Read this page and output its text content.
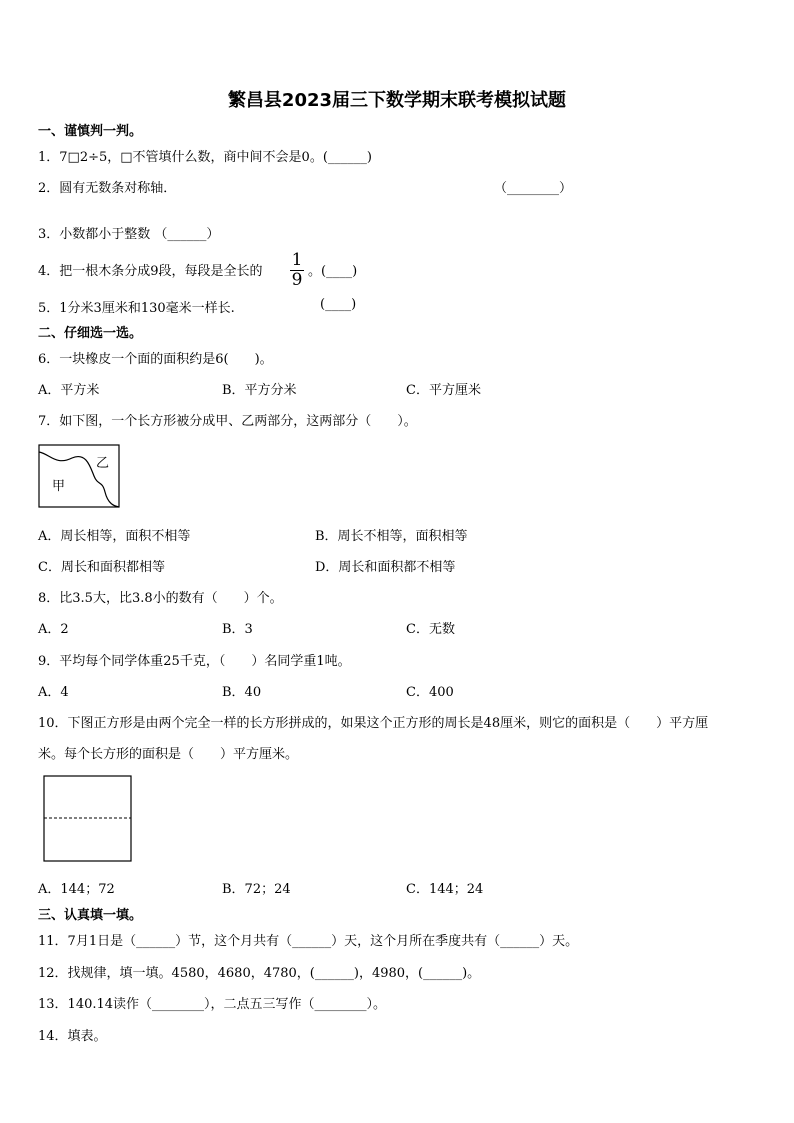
繁昌县2023届三下数学期末联考模拟试题
一、谨慎判一判。
1．7□2÷5，□不管填什么数，商中间不会是0。(______)
2．圆有无数条对称轴．	（________）
3．小数都小于整数 （______）
4．把一根木条分成9段，每段是全长的
1
9 。(____)
5．1分米3厘米和130毫米一样长.	(____)
二、仔细选一选。
6．一块橡皮一个面的面积约是6(　　)。
A．平方米	B．平方分米	C．平方厘米
7．如下图，一个长方形被分成甲、乙两部分，这两部分（　　）。
甲
乙
A．周长相等，面积不相等	B．周长不相等，面积相等
C．周长和面积都相等	D．周长和面积都不相等
8．比3.5大，比3.8小的数有（　　）个。
A．2	B．3	C．无数
9．平均每个同学体重25千克，（　　）名同学重1吨。
A．4	B．40	C．400
10．下图正方形是由两个完全一样的长方形拼成的，如果这个正方形的周长是48厘米，则它的面积是（　　）平方厘
米。每个长方形的面积是（　　）平方厘米。
A．144；72	B．72；24	C．144；24
三、认真填一填。
11．7月1日是（______）节，这个月共有（______）天，这个月所在季度共有（______）天。
12．找规律，填一填。4580，4680，4780，(______)，4980，(______)。
13．140.14读作（________），二点五三写作（________）。
14．填表。
